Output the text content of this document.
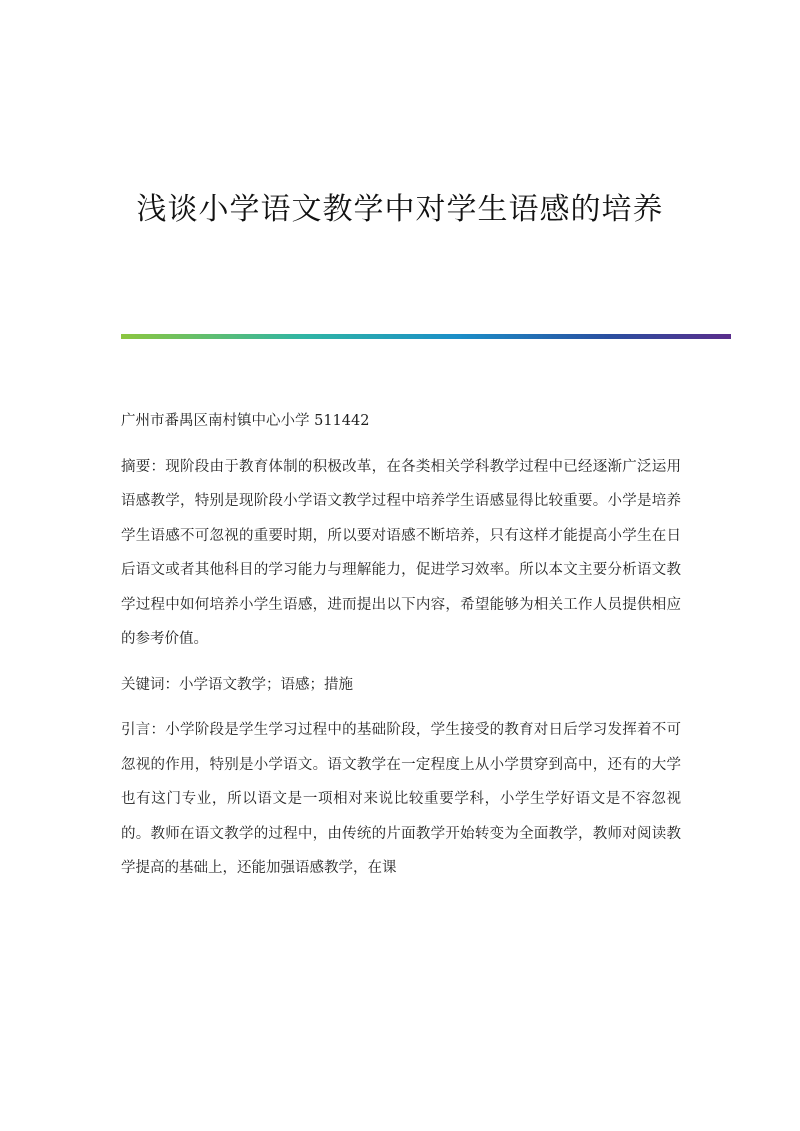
浅谈小学语文教学中对学生语感的培养

广州市番禺区南村镇中心小学 511442

摘要：现阶段由于教育体制的积极改革，在各类相关学科教学过程中已经逐渐广泛运用语感教学，特别是现阶段小学语文教学过程中培养学生语感显得比较重要。小学是培养学生语感不可忽视的重要时期，所以要对语感不断培养，只有这样才能提高小学生在日后语文或者其他科目的学习能力与理解能力，促进学习效率。所以本文主要分析语文教学过程中如何培养小学生语感，进而提出以下内容，希望能够为相关工作人员提供相应的参考价值。

关键词：小学语文教学；语感；措施

引言：小学阶段是学生学习过程中的基础阶段，学生接受的教育对日后学习发挥着不可忽视的作用，特别是小学语文。语文教学在一定程度上从小学贯穿到高中，还有的大学也有这门专业，所以语文是一项相对来说比较重要学科，小学生学好语文是不容忽视的。教师在语文教学的过程中，由传统的片面教学开始转变为全面教学，教师对阅读教学提高的基础上，还能加强语感教学，在课
